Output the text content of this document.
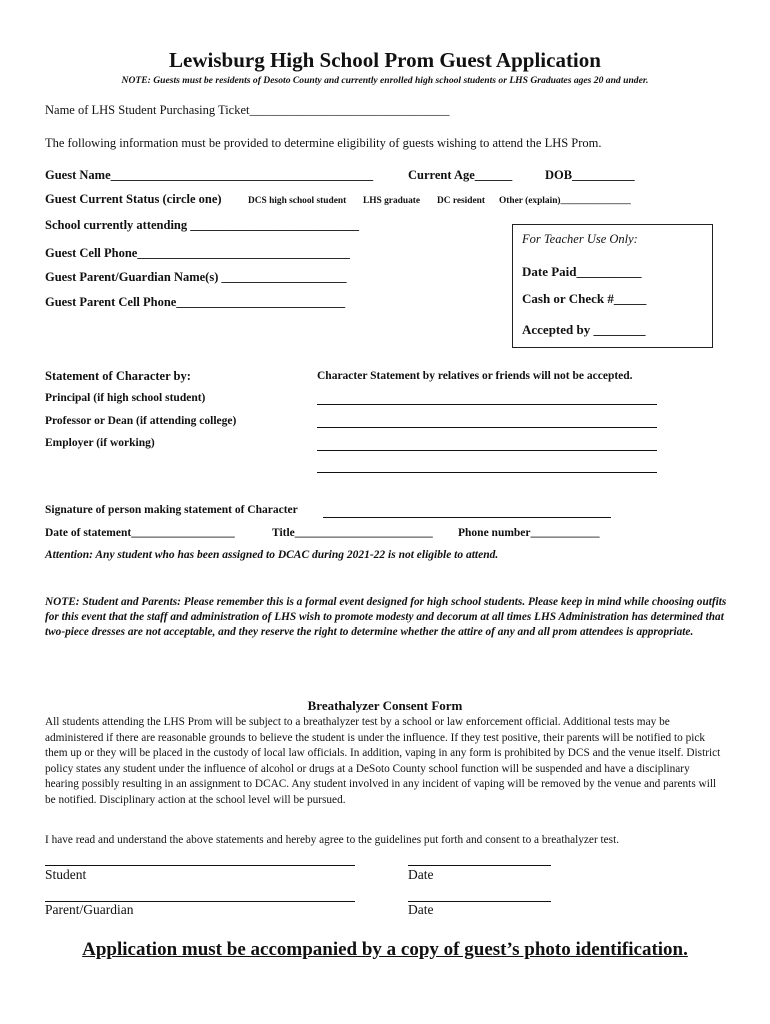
Lewisburg High School Prom Guest Application
NOTE: Guests must be residents of Desoto County and currently enrolled high school students or LHS Graduates ages 20 and under.
Name of LHS Student Purchasing Ticket________________________________
The following information must be provided to determine eligibility of guests wishing to attend the LHS Prom.
Guest Name__________________________________________	Current Age______	DOB__________
Guest Current Status (circle one)	DCS high school student LHS graduate DC resident Other (explain)_______________
School currently attending ___________________________
Guest Cell Phone__________________________________
Guest Parent/Guardian Name(s) ____________________
Guest Parent Cell Phone___________________________
For Teacher Use Only:
Date Paid__________
Cash or Check #_____
Accepted by ________
Statement of Character by:	Character Statement by relatives or friends will not be accepted.
Principal (if high school student)
Professor or Dean (if attending college)
Employer (if working)
Signature of person making statement of Character
Date of statement__________________	Title________________________ Phone number____________
Attention: Any student who has been assigned to DCAC during 2021-22 is not eligible to attend.
NOTE: Student and Parents: Please remember this is a formal event designed for high school students. Please keep in mind while choosing outfits for this event that the staff and administration of LHS wish to promote modesty and decorum at all times LHS Administration has determined that two-piece dresses are not acceptable, and they reserve the right to determine whether the attire of any and all prom attendees is appropriate.
Breathalyzer Consent Form
All students attending the LHS Prom will be subject to a breathalyzer test by a school or law enforcement official. Additional tests may be administered if there are reasonable grounds to believe the student is under the influence. If they test positive, their parents will be notified to pick them up or they will be placed in the custody of local law officials. In addition, vaping in any form is prohibited by DCS and the venue itself. District policy states any student under the influence of alcohol or drugs at a DeSoto County school function will be suspended and have a disciplinary hearing possibly resulting in an assignment to DCAC. Any student involved in any incident of vaping will be removed by the venue and parents will be notified. Disciplinary action at the school level will be pursued.
I have read and understand the above statements and hereby agree to the guidelines put forth and consent to a breathalyzer test.
Student	Date
Parent/Guardian	Date
Application must be accompanied by a copy of guest’s photo identification.
